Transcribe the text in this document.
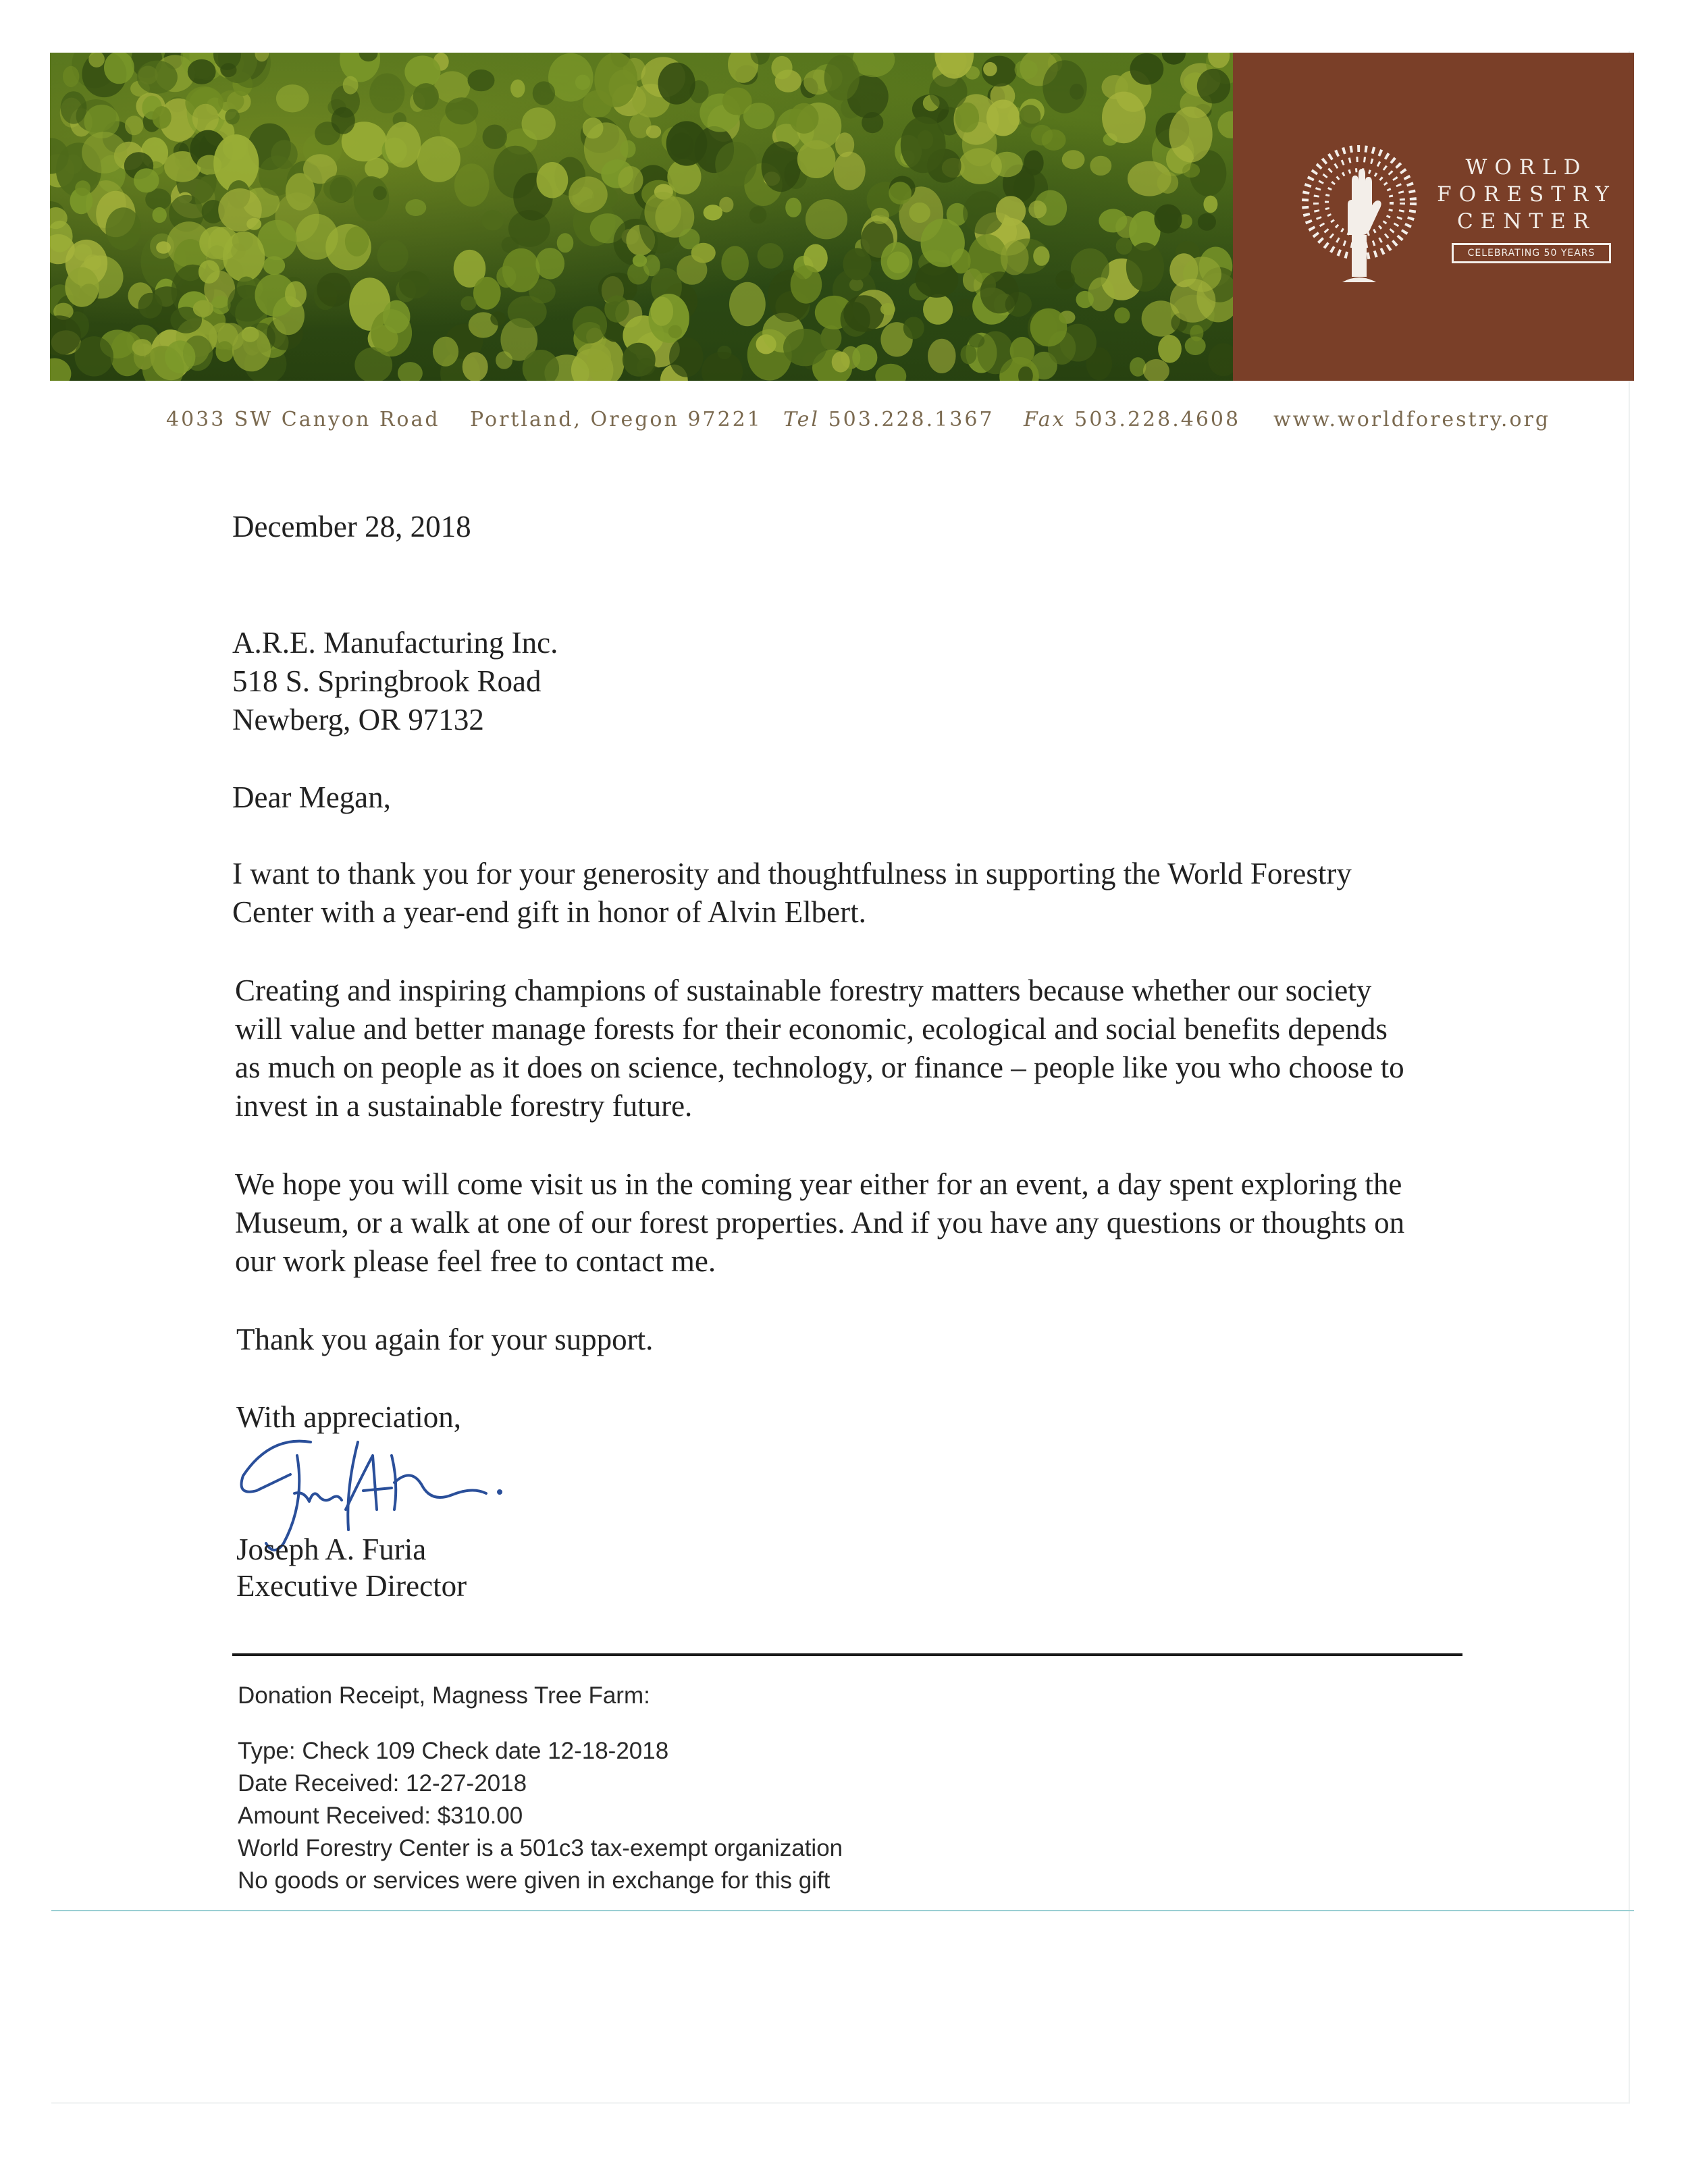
WORLD
FORESTRY
CENTER
CELEBRATING 50 YEARS
4033 SW Canyon Road Portland, Oregon 97221 Tel 503.228.1367 Fax 503.228.4608 www.worldforestry.org
December 28, 2018
A.R.E. Manufacturing Inc.
518 S. Springbrook Road
Newberg, OR 97132
Dear Megan,
I want to thank you for your generosity and thoughtfulness in supporting the World Forestry
Center with a year-end gift in honor of Alvin Elbert.
Creating and inspiring champions of sustainable forestry matters because whether our society
will value and better manage forests for their economic, ecological and social benefits depends
as much on people as it does on science, technology, or finance – people like you who choose to
invest in a sustainable forestry future.
We hope you will come visit us in the coming year either for an event, a day spent exploring the
Museum, or a walk at one of our forest properties. And if you have any questions or thoughts on
our work please feel free to contact me.
Thank you again for your support.
With appreciation,
Joseph A. Furia
Executive Director
Donation Receipt, Magness Tree Farm:
Type: Check 109 Check date 12-18-2018
Date Received: 12-27-2018
Amount Received: $310.00
World Forestry Center is a 501c3 tax-exempt organization
No goods or services were given in exchange for this gift
